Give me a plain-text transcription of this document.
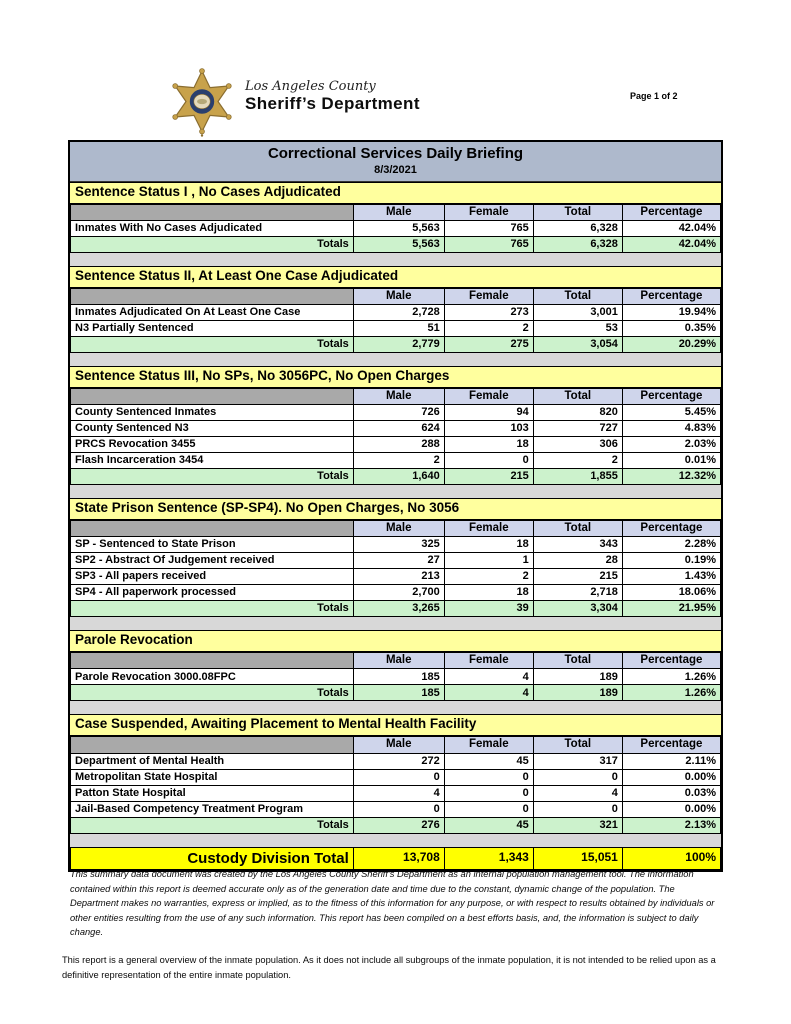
Los Angeles County
Sheriff’s Department	Page 1 of 2
Correctional Services Daily Briefing
8/3/2021
Sentence Status I , No Cases Adjudicated
	Male	Female	Total	Percentage
Inmates With No Cases Adjudicated	5,563	765	6,328	42.04%
Totals	5,563	765	6,328	42.04%
Sentence Status II, At Least One Case Adjudicated
	Male	Female	Total	Percentage
Inmates Adjudicated On At Least One Case	2,728	273	3,001	19.94%
N3 Partially Sentenced	51	2	53	0.35%
Totals	2,779	275	3,054	20.29%
Sentence Status III, No SPs, No 3056PC, No Open Charges
	Male	Female	Total	Percentage
County Sentenced Inmates	726	94	820	5.45%
County Sentenced N3	624	103	727	4.83%
PRCS Revocation 3455	288	18	306	2.03%
Flash Incarceration 3454	2	0	2	0.01%
Totals	1,640	215	1,855	12.32%
State Prison Sentence (SP-SP4). No Open Charges, No 3056
	Male	Female	Total	Percentage
SP - Sentenced to State Prison	325	18	343	2.28%
SP2 - Abstract Of Judgement received	27	1	28	0.19%
SP3 - All papers received	213	2	215	1.43%
SP4 - All paperwork processed	2,700	18	2,718	18.06%
Totals	3,265	39	3,304	21.95%
Parole Revocation
	Male	Female	Total	Percentage
Parole Revocation 3000.08FPC	185	4	189	1.26%
Totals	185	4	189	1.26%
Case Suspended, Awaiting Placement to Mental Health Facility
	Male	Female	Total	Percentage
Department of Mental Health	272	45	317	2.11%
Metropolitan State Hospital	0	0	0	0.00%
Patton State Hospital	4	0	4	0.03%
Jail-Based Competency Treatment Program	0	0	0	0.00%
Totals	276	45	321	2.13%
Custody Division Total	13,708	1,343	15,051	100%

This summary data document was created by the Los Angeles County Sheriff's Department as an internal population management tool. The information contained within this report is deemed accurate only as of the generation date and time due to the constant, dynamic change of the population. The Department makes no warranties, express or implied, as to the fitness of this information for any purpose, or with respect to results obtained by individuals or other entities resulting from the use of any such information. This report has been compiled on a best efforts basis, and, the information is subject to daily change.

This report is a general overview of the inmate population. As it does not include all subgroups of the inmate population, it is not intended to be relied upon as a definitive representation of the entire inmate population.
